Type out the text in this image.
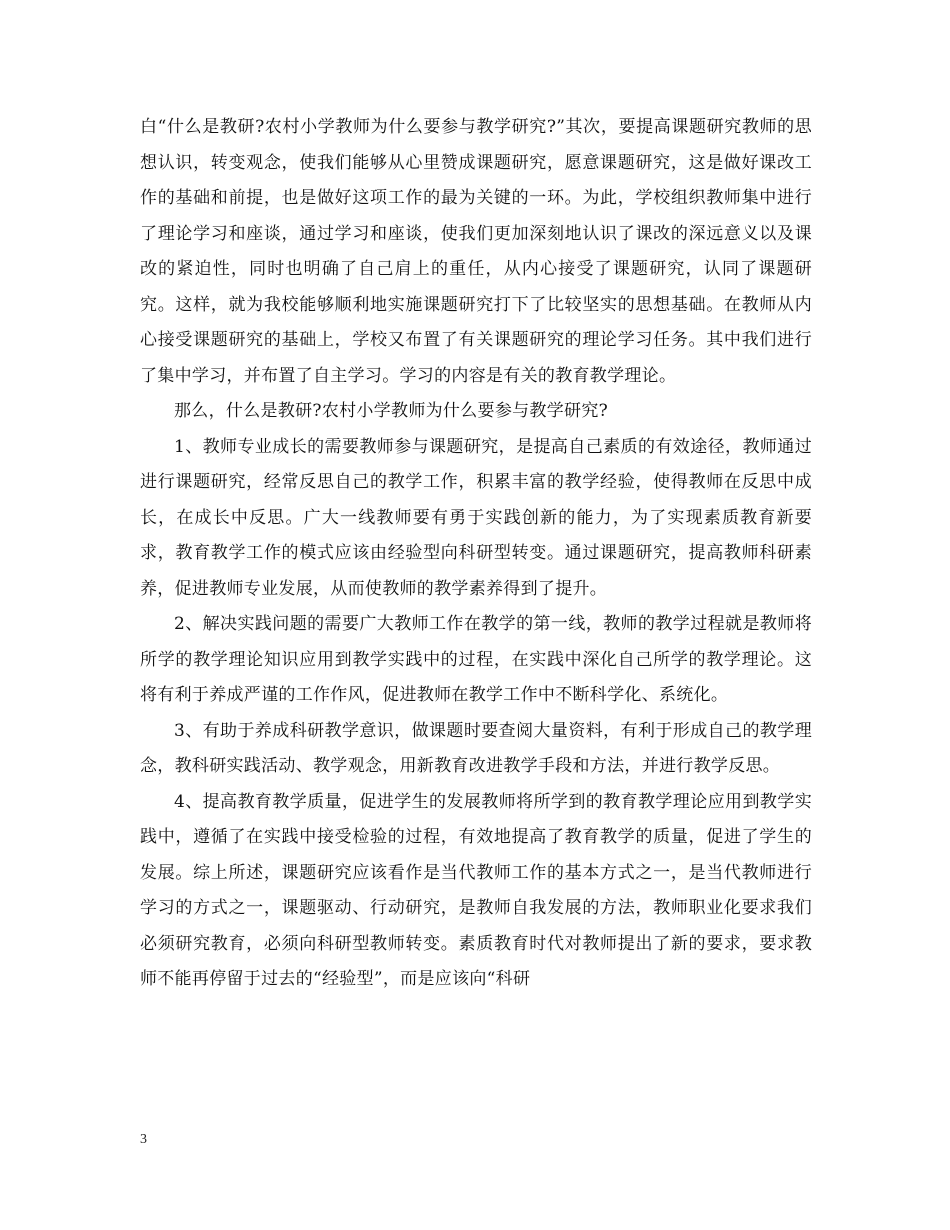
白“什么是教研?农村小学教师为什么要参与教学研究?”其次，要提高课题研究教师的思想认识，转变观念，使我们能够从心里赞成课题研究，愿意课题研究，这是做好课改工作的基础和前提，也是做好这项工作的最为关键的一环。为此，学校组织教师集中进行了理论学习和座谈，通过学习和座谈，使我们更加深刻地认识了课改的深远意义以及课改的紧迫性，同时也明确了自己肩上的重任，从内心接受了课题研究，认同了课题研究。这样，就为我校能够顺利地实施课题研究打下了比较坚实的思想基础。在教师从内心接受课题研究的基础上，学校又布置了有关课题研究的理论学习任务。其中我们进行了集中学习，并布置了自主学习。学习的内容是有关的教育教学理论。

那么，什么是教研?农村小学教师为什么要参与教学研究?

1、教师专业成长的需要教师参与课题研究，是提高自己素质的有效途径，教师通过进行课题研究，经常反思自己的教学工作，积累丰富的教学经验，使得教师在反思中成长，在成长中反思。广大一线教师要有勇于实践创新的能力，为了实现素质教育新要求，教育教学工作的模式应该由经验型向科研型转变。通过课题研究，提高教师科研素养，促进教师专业发展，从而使教师的教学素养得到了提升。

2、解决实践问题的需要广大教师工作在教学的第一线，教师的教学过程就是教师将所学的教学理论知识应用到教学实践中的过程，在实践中深化自己所学的教学理论。这将有利于养成严谨的工作作风，促进教师在教学工作中不断科学化、系统化。

3、有助于养成科研教学意识，做课题时要查阅大量资料，有利于形成自己的教学理念，教科研实践活动、教学观念，用新教育改进教学手段和方法，并进行教学反思。

4、提高教育教学质量，促进学生的发展教师将所学到的教育教学理论应用到教学实践中，遵循了在实践中接受检验的过程，有效地提高了教育教学的质量，促进了学生的发展。综上所述，课题研究应该看作是当代教师工作的基本方式之一，是当代教师进行学习的方式之一，课题驱动、行动研究，是教师自我发展的方法，教师职业化要求我们必须研究教育，必须向科研型教师转变。素质教育时代对教师提出了新的要求，要求教师不能再停留于过去的“经验型”，而是应该向“科研

3
